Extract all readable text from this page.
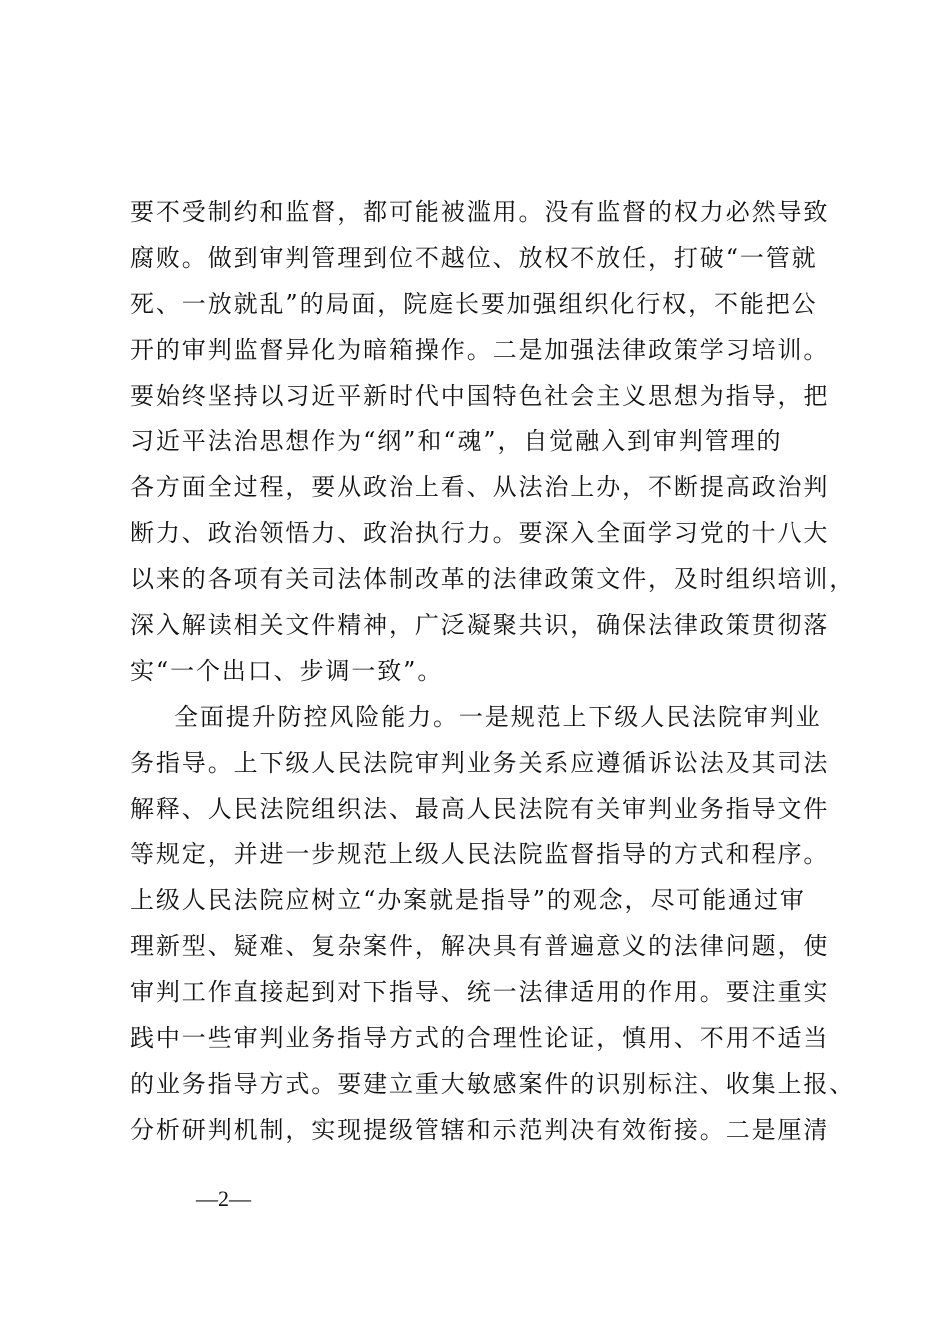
要不受制约和监督，都可能被滥用。没有监督的权力必然导致
腐败。做到审判管理到位不越位、放权不放任，打破“一管就
死、一放就乱”的局面，院庭长要加强组织化行权，不能把公
开的审判监督异化为暗箱操作。二是加强法律政策学习培训。
要始终坚持以习近平新时代中国特色社会主义思想为指导，把
习近平法治思想作为“纲”和“魂”，自觉融入到审判管理的
各方面全过程，要从政治上看、从法治上办，不断提高政治判
断力、政治领悟力、政治执行力。要深入全面学习党的十八大
以来的各项有关司法体制改革的法律政策文件，及时组织培训，
深入解读相关文件精神，广泛凝聚共识，确保法律政策贯彻落
实“一个出口、步调一致”。
全面提升防控风险能力。一是规范上下级人民法院审判业
务指导。上下级人民法院审判业务关系应遵循诉讼法及其司法
解释、人民法院组织法、最高人民法院有关审判业务指导文件
等规定，并进一步规范上级人民法院监督指导的方式和程序。
上级人民法院应树立“办案就是指导”的观念，尽可能通过审
理新型、疑难、复杂案件，解决具有普遍意义的法律问题，使
审判工作直接起到对下指导、统一法律适用的作用。要注重实
践中一些审判业务指导方式的合理性论证，慎用、不用不适当
的业务指导方式。要建立重大敏感案件的识别标注、收集上报、
分析研判机制，实现提级管辖和示范判决有效衔接。二是厘清
—2—
